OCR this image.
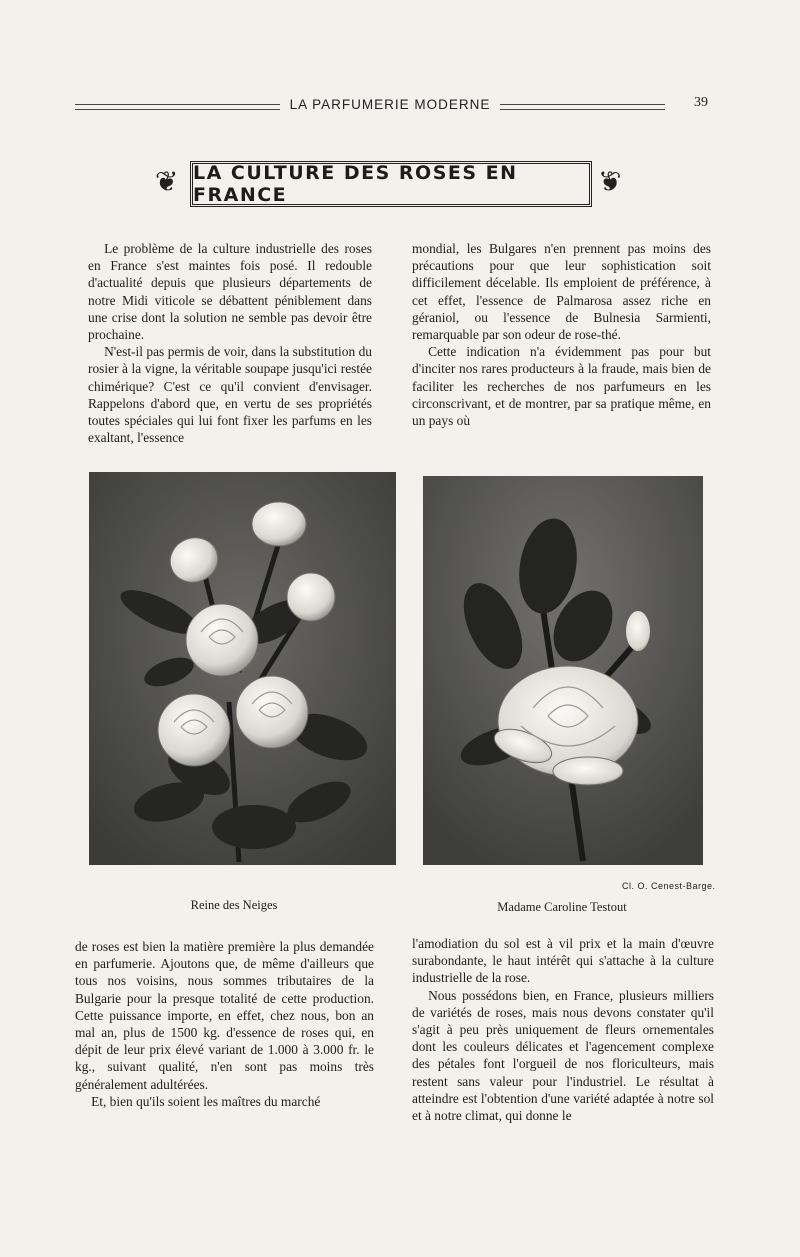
LA PARFUMERIE MODERNE	39
❦ LA CULTURE DES ROSES EN FRANCE	❦

Le problème de la culture industrielle des roses en France s'est maintes fois posé. Il redouble d'actualité depuis que plusieurs départements de notre Midi viticole se débattent péniblement dans une crise dont la solution ne semble pas devoir être prochaine.

N'est-il pas permis de voir, dans la substitution du rosier à la vigne, la véritable soupape jusqu'ici restée chimérique? C'est ce qu'il convient d'envisager. Rappelons d'abord que, en vertu de ses propriétés toutes spéciales qui lui font fixer les parfums en les exaltant, l'essence

mondial, les Bulgares n'en prennent pas moins des précautions pour que leur sophistication soit difficilement décelable. Ils emploient de préférence, à cet effet, l'essence de Palmarosa assez riche en géraniol, ou l'essence de Bulnesia Sarmienti, remarquable par son odeur de rose-thé.

Cette indication n'a évidemment pas pour but d'inciter nos rares producteurs à la fraude, mais bien de faciliter les recherches de nos parfumeurs en les circonscrivant, et de montrer, par sa pratique même, en un pays où

Cl. O. Cenest-Barge.
Reine des Neiges	Madame Caroline Testout

de roses est bien la matière première la plus demandée en parfumerie. Ajoutons que, de même d'ailleurs que tous nos voisins, nous sommes tributaires de la Bulgarie pour la presque totalité de cette production. Cette puissance importe, en effet, chez nous, bon an mal an, plus de 1500 kg. d'essence de roses qui, en dépit de leur prix élevé variant de 1.000 à 3.000 fr. le kg., suivant qualité, n'en sont pas moins très généralement adultérées.

Et, bien qu'ils soient les maîtres du marché

l'amodiation du sol est à vil prix et la main d'œuvre surabondante, le haut intérêt qui s'attache à la culture industrielle de la rose.

Nous possédons bien, en France, plusieurs milliers de variétés de roses, mais nous devons constater qu'il s'agit à peu près uniquement de fleurs ornementales dont les couleurs délicates et l'agencement complexe des pétales font l'orgueil de nos floriculteurs, mais restent sans valeur pour l'industriel. Le résultat à atteindre est l'obtention d'une variété adaptée à notre sol et à notre climat, qui donne le
